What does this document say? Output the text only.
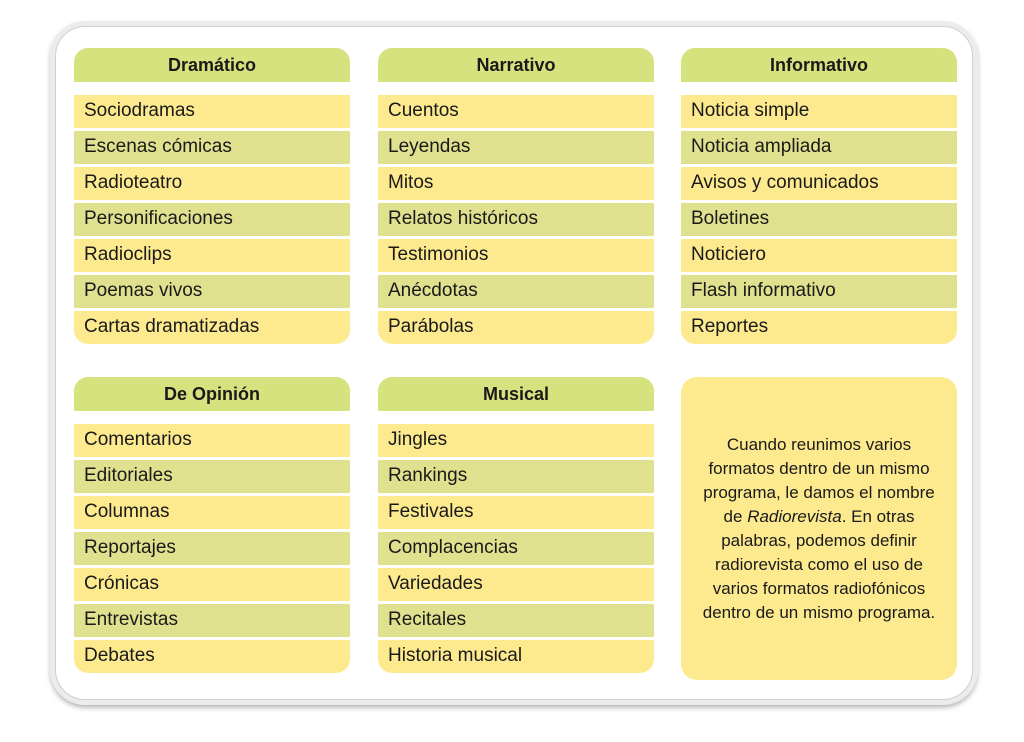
Dramático
Sociodramas
Escenas cómicas
Radioteatro
Personificaciones
Radioclips
Poemas vivos
Cartas dramatizadas
Narrativo
Cuentos
Leyendas
Mitos
Relatos históricos
Testimonios
Anécdotas
Parábolas
Informativo
Noticia simple
Noticia ampliada
Avisos y comunicados
Boletines
Noticiero
Flash informativo
Reportes
De Opinión
Comentarios
Editoriales
Columnas
Reportajes
Crónicas
Entrevistas
Debates
Musical
Jingles
Rankings
Festivales
Complacencias
Variedades
Recitales
Historia musical
Cuando reunimos varios formatos dentro de un mismo programa, le damos el nombre de Radiorevista. En otras palabras, podemos definir radiorevista como el uso de varios formatos radiofónicos dentro de un mismo programa.
